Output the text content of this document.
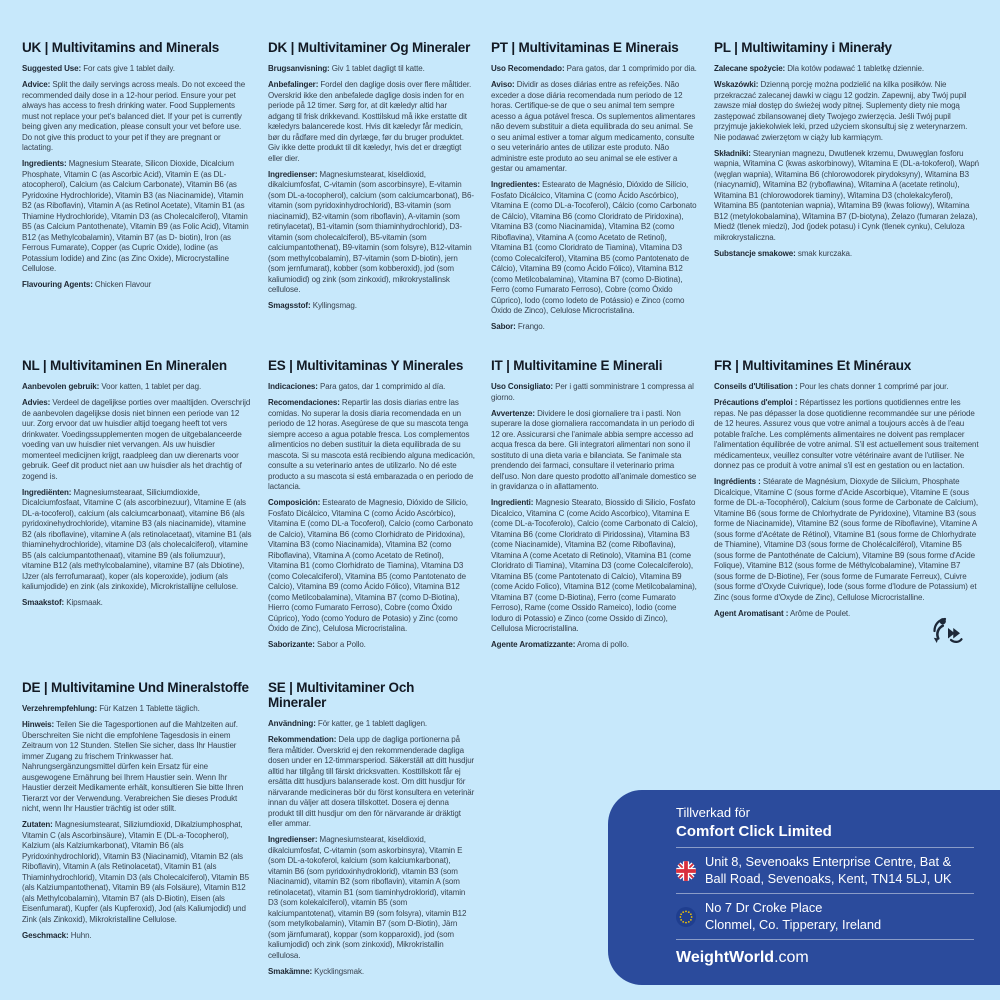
UK | Multivitamins and Minerals

Suggested Use: For cats give 1 tablet daily.

Advice: Split the daily servings across meals. Do not exceed the recommended daily dose in a 12-hour period. Ensure your pet always has access to fresh drinking water. Food Supplements must not replace your pet's balanced diet. If your pet is currently being given any medication, please consult your vet before use. Do not give this product to your pet if they are pregnant or lactating.

Ingredients: Magnesium Stearate, Silicon Dioxide, Dicalcium Phosphate, Vitamin C (as Ascorbic Acid), Vitamin E (as DL-atocopherol), Calcium (as Calcium Carbonate), Vitamin B6 (as Pyridoxine Hydrochloride), Vitamin B3 (as Niacinamide), Vitamin B2 (as Riboflavin), Vitamin A (as Retinol Acetate), Vitamin B1 (as Thiamine Hydrochloride), Vitamin D3 (as Cholecalciferol), Vitamin B5 (as Calcium Pantothenate), Vitamin B9 (as Folic Acid), Vitamin B12 (as Methylcobalamin), Vitamin B7 (as D- biotin), Iron (as Ferrous Fumarate), Copper (as Cupric Oxide), Iodine (as Potassium Iodide) and Zinc (as Zinc Oxide), Microcrystalline Cellulose.

Flavouring Agents: Chicken Flavour

DK | Multivitaminer Og Mineraler

Brugsanvisning: Giv 1 tablet dagligt til katte.

Anbefalinger: Fordel den daglige dosis over flere måltider. Overskrid ikke den anbefalede daglige dosis inden for en periode på 12 timer. Sørg for, at dit kæledyr altid har adgang til frisk drikkevand. Kosttilskud må ikke erstatte dit kæledyrs balancerede kost. Hvis dit kæledyr får medicin, bør du rådføre med din dyrlæge, før du bruger produktet. Giv ikke dette produkt til dit kæledyr, hvis det er drægtigt eller dier.

Ingredienser: Magnesiumstearat, kiseldioxid, dikalciumfosfat, C-vitamin (som ascorbinsyre), E-vitamin (som DL-a-tocopherol), calcium (som calciumcarbonat), B6-vitamin (som pyridoxinhydrochlorid), B3-vitamin (som niacinamid), B2-vitamin (som riboflavin), A-vitamin (som retinylacetat), B1-vitamin (som thiaminhydrochlorid), D3-vitamin (som cholecalciferol), B5-vitamin (som calciumpantothenat), B9-vitamin (som folsyre), B12-vitamin (som methylcobalamin), B7-vitamin (som D-biotin), jern (som jernfumarat), kobber (som kobberoxid), jod (som kaliumiodid) og zink (som zinkoxid), mikrokrystallinsk cellulose.

Smagsstof: Kyllingsmag.

PT | Multivitaminas E Minerais

Uso Recomendado: Para gatos, dar 1 comprimido por dia.

Aviso: Dividir as doses diárias entre as refeições. Não exceder a dose diária recomendada num periodo de 12 horas. Certifique-se de que o seu animal tem sempre acesso a água potável fresca. Os suplementos alimentares não devem substituir a dieta equilibrada do seu animal. Se o seu animal estiver a tomar algum medicamento, consulte o seu veterinário antes de utilizar este produto. Não administre este produto ao seu animal se ele estiver a gestar ou amamentar.

Ingredientes: Estearato de Magnésio, Dióxido de Silício, Fosfato Dicálcico, Vitamina C (como Ácido Ascórbico), Vitamina E (como DL-a-Tocoferol), Cálcio (como Carbonato de Cálcio), Vitamina B6 (como Cloridrato de Piridoxina), Vitamina B3 (como Niacinamida), Vitamina B2 (como Riboflavina), Vitamina A (como Acetato de Retinol), Vitamina B1 (como Cloridrato de Tiamina), Vitamina D3 (como Colecalciferol), Vitamina B5 (como Pantotenato de Cálcio), Vitamina B9 (como Ácido Fólico), Vitamina B12 (como Metilcobalamina), Vitamina B7 (como D-Biotina), Ferro (como Fumarato Ferroso), Cobre (como Óxido Cúprico), Iodo (como Iodeto de Potássio) e Zinco (como Óxido de Zinco), Celulose Microcristalina.

Sabor: Frango.

PL | Multiwitaminy i Minerały

Zalecane spożycie: Dla kotów podawać 1 tabletkę dziennie.

Wskazówki: Dzienną porcję można podzielić na kilka posiłków. Nie przekraczać zalecanej dawki w ciągu 12 godzin. Zapewnij, aby Twój pupil zawsze miał dostęp do świeżej wody pitnej. Suplementy diety nie mogą zastępować zbilansowanej diety Twojego zwierzęcia. Jeśli Twój pupil przyjmuje jakiekolwiek leki, przed użyciem skonsultuj się z weterynarzem. Nie podawać zwierzętom w ciąży lub karmiącym.

Składniki: Stearynian magnezu, Dwutlenek krzemu, Dwuwęglan fosforu wapnia, Witamina C (kwas askorbinowy), Witamina E (DL-a-tokoferol), Wapń (węglan wapnia), Witamina B6 (chlorowodorek pirydoksyny), Witamina B3 (niacynamid), Witamina B2 (ryboflawina), Witamina A (acetate retinolu), Witamina B1 (chlorowodorek tiaminy), Witamina D3 (cholekalcyferol), Witamina B5 (pantotenian wapnia), Witamina B9 (kwas foliowy), Witamina B12 (metylokobalamina), Witamina B7 (D-biotyna), Żelazo (fumaran żelaza), Miedź (tlenek miedzi), Jod (jodek potasu) i Cynk (tlenek cynku), Celuloza mikrokrystaliczna.

Substancje smakowe: smak kurczaka.

NL | Multivitaminen En Mineralen

Aanbevolen gebruik: Voor katten, 1 tablet per dag.

Advies: Verdeel de dagelijkse porties over maaltijden. Overschrijd de aanbevolen dagelijkse dosis niet binnen een periode van 12 uur. Zorg ervoor dat uw huisdier altijd toegang heeft tot vers drinkwater. Voedingssupplementen mogen de uitgebalanceerde voeding van uw huisdier niet vervangen. Als uw huisdier momenteel medicijnen krijgt, raadpleeg dan uw dierenarts voor gebruik. Geef dit product niet aan uw huisdier als het drachtig of zogend is.

Ingrediënten: Magnesiumstearaat, Siliciumdioxide, Dicalciumfosfaat, Vitamine C (als ascorbinezuur), Vitamine E (als DL-a-tocoferol), calcium (als calciumcarbonaat), vitamine B6 (als pyridoxinehydrochloride), vitamine B3 (als niacinamide), vitamine B2 (als riboflavine), vitamine A (als retinolacetaat), vitamine B1 (als thiaminehydrochloride), vitamine D3 (als cholecalciferol), vitamine B5 (als calciumpantothenaat), vitamine B9 (als foliumzuur), vitamine B12 (als methylcobalamine), vitamine B7 (als Dbiotine), IJzer (als ferrofumaraat), koper (als koperoxide), jodium (als kaliumjodide) en zink (als zinkoxide), Microkristallijne cellulose.

Smaakstof: Kipsmaak.

ES | Multivitaminas Y Minerales

Indicaciones: Para gatos, dar 1 comprimido al día.

Recomendaciones: Repartir las dosis diarias entre las comidas. No superar la dosis diaria recomendada en un periodo de 12 horas. Asegúrese de que su mascota tenga siempre acceso a agua potable fresca. Los complementos alimenticios no deben sustituir la dieta equilibrada de su mascota. Si su mascota está recibiendo alguna medicación, consulte a su veterinario antes de utilizarlo. No dé este producto a su mascota si está embarazada o en periodo de lactancia.

Composición: Estearato de Magnesio, Dióxido de Silicio, Fosfato Dicálcico, Vitamina C (como Ácido Ascórbico), Vitamina E (como DL-a Tocoferol), Calcio (como Carbonato de Calcio), Vitamina B6 (como Clorhidrato de Piridoxina), Vitamina B3 (como Niacinamida), Vitamina B2 (como Riboflavina), Vitamina A (como Acetato de Retinol), Vitamina B1 (como Clorhidrato de Tiamina), Vitamina D3 (como Colecalciferol), Vitamina B5 (como Pantotenato de Calcio), Vitamina B9 (como Ácido Fólico), Vitamina B12 (como Metilcobalamina), Vitamina B7 (como D-Biotina), Hierro (como Fumarato Ferroso), Cobre (como Óxido Cúprico), Yodo (como Yoduro de Potasio) y Zinc (como Óxido de Zinc), Celulosa Microcristalina.

Saborizante: Sabor a Pollo.

IT | Multivitamine E Minerali

Uso Consigliato: Per i gatti somministrare 1 compressa al giorno.

Avvertenze: Dividere le dosi giornaliere tra i pasti. Non superare la dose giornaliera raccomandata in un periodo di 12 ore. Assicurarsi che l'animale abbia sempre accesso ad acqua fresca da bere. Gli integratori alimentari non sono il sostituto di una dieta varia e bilanciata. Se l'animale sta prendendo dei farmaci, consultare il veterinario prima dell'uso. Non dare questo prodotto all'animale domestico se in gravidanza o in allattamento.

Ingredienti: Magnesio Stearato, Biossido di Silicio, Fosfato Dicalcico, Vitamina C (come Acido Ascorbico), Vitamina E (come DL-a-Tocoferolo), Calcio (come Carbonato di Calcio), Vitamina B6 (come Cloridrato di Piridossina), Vitamina B3 (come Niacinamide), Vitamina B2 (come Riboflavina), Vitamina A (come Acetato di Retinolo), Vitamina B1 (come Cloridrato di Tiamina), Vitamina D3 (come Colecalciferolo), Vitamina B5 (come Pantotenato di Calcio), Vitamina B9 (come Acido Folico), Vitamina B12 (come Metilcobalamina), Vitamina B7 (come D-Biotina), Ferro (come Fumarato Ferroso), Rame (come Ossido Rameico), Iodio (come Ioduro di Potassio) e Zinco (come Ossido di Zinco), Cellulosa Microcristallina.

Agente Aromatizzante: Aroma di pollo.

FR | Multivitamines Et Minéraux

Conseils d'Utilisation : Pour les chats donner 1 comprimé par jour.

Précautions d'emploi : Répartissez les portions quotidiennes entre les repas. Ne pas dépasser la dose quotidienne recommandée sur une période de 12 heures. Assurez vous que votre animal a toujours accès à de l'eau potable fraîche. Les compléments alimentaires ne doivent pas remplacer l'alimentation équilibrée de votre animal. S'il est actuellement sous traitement médicamenteux, veuillez consulter votre vétérinaire avant de l'utiliser. Ne donnez pas ce produit à votre animal s'il est en gestation ou en lactation.

Ingrédients : Stéarate de Magnésium, Dioxyde de Silicium, Phosphate Dicalcique, Vitamine C (sous forme d'Acide Ascorbique), Vitamine E (sous forme de DL-a-Tocophérol), Calcium (sous forme de Carbonate de Calcium), Vitamine B6 (sous forme de Chlorhydrate de Pyridoxine), Vitamine B3 (sous forme de Niacinamide), Vitamine B2 (sous forme de Riboflavine), Vitamine A (sous forme d'Acétate de Rétinol), Vitamine B1 (sous forme de Chlorhydrate de Thiamine), Vitamine D3 (sous forme de Cholécalciférol), Vitamine B5 (sous forme de Pantothénate de Calcium), Vitamine B9 (sous forme d'Acide Folique), Vitamine B12 (sous forme de Méthylcobalamine), Vitamine B7 (sous forme de D-Biotine), Fer (sous forme de Fumarate Ferreux), Cuivre (sous forme d'Oxyde Cuivrique), Iode (sous forme d'Iodure de Potassium) et Zinc (sous forme d'Oxyde de Zinc), Cellulose Microcristalline.

Agent Aromatisant : Arôme de Poulet.

DE | Multivitamine Und Mineralstoffe

Verzehrempfehlung: Für Katzen 1 Tablette täglich.

Hinweis: Teilen Sie die Tagesportionen auf die Mahlzeiten auf. Überschreiten Sie nicht die empfohlene Tagesdosis in einem Zeitraum von 12 Stunden. Stellen Sie sicher, dass Ihr Haustier immer Zugang zu frischem Trinkwasser hat. Nahrungsergänzungsmittel dürfen kein Ersatz für eine ausgewogene Ernährung bei Ihrem Haustier sein. Wenn Ihr Haustier derzeit Medikamente erhält, konsultieren Sie bitte Ihren Tierarzt vor der Verwendung. Verabreichen Sie dieses Produkt nicht, wenn Ihr Haustier trächtig ist oder stillt.

Zutaten: Magnesiumstearat, Siliziumdioxid, Dikalziumphosphat, Vitamin C (als Ascorbinsäure), Vitamin E (DL-a-Tocopherol), Kalzium (als Kalziumkarbonat), Vitamin B6 (als Pyridoxinhydrochlorid), Vitamin B3 (Niacinamid), Vitamin B2 (als Riboflavin), Vitamin A (als Retinolacetat), Vitamin B1 (als Thiaminhydrochlorid), Vitamin D3 (als Cholecalciferol), Vitamin B5 (als Kalziumpantothenat), Vitamin B9 (als Folsäure), Vitamin B12 (als Methylcobalamin), Vitamin B7 (als D-Biotin), Eisen (als Eisenfumarat), Kupfer (als Kupferoxid), Jod (als Kaliumjodid) und Zink (als Zinkoxid), Mikrokristalline Cellulose.

Geschmack: Huhn.

SE | Multivitaminer Och Mineraler

Användning: För katter, ge 1 tablett dagligen.

Rekommendation: Dela upp de dagliga portionerna på flera måltider. Överskrid ej den rekommenderade dagliga dosen under en 12-timmarsperiod. Säkerställ att ditt husdjur alltid har tillgång till färskt dricksvatten. Kosttillskott får ej ersätta ditt husdjurs balanserade kost. Om ditt husdjur för närvarande medicineras bör du först konsultera en veterinär innan du väljer att dosera tillskottet. Dosera ej denna produkt till ditt husdjur om den för närvarande är dräktigt eller ammar.

Ingredienser: Magnesiumstearat, kiseldioxid, dikalciumfosfat, C-vitamin (som askorbinsyra), Vitamin E (som DL-a-tokoferol, kalcium (som kalciumkarbonat), vitamin B6 (som pyridoxinhydroklorid), vitamin B3 (som Niacinamid), vitamin B2 (som riboflavin), vitamin A (som retinolacetat), vitamin B1 (som tiaminhydroklorid), vitamin D3 (som kolekalciferol), vitamin B5 (som kalciumpantotenat), vitamin B9 (som folsyra), vitamin B12 (som metylkobalamin), Vitamin B7 (som D-Biotin), Järn (som järnfumarat), koppar (som kopparoxid), jod (som kaliumjodid) och zink (som zinkoxid), Mikrokristallin cellulosa.

Smakämne: Kycklingsmak.

Tillverkad för
Comfort Click Limited
Unit 8, Sevenoaks Enterprise Centre, Bat & Ball Road, Sevenoaks, Kent, TN14 5LJ, UK
No 7 Dr Croke Place
Clonmel, Co. Tipperary, Ireland
WeightWorld.com
